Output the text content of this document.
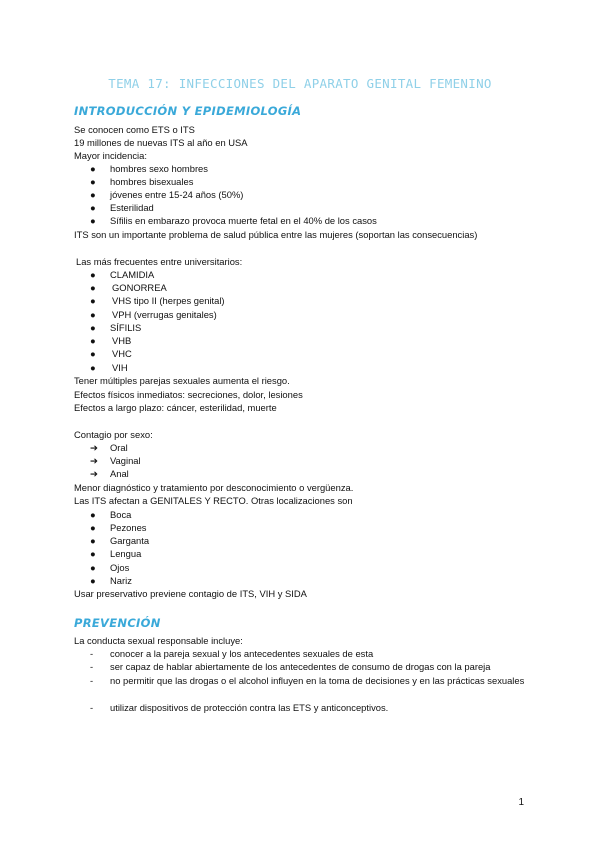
TEMA 17: INFECCIONES DEL APARATO GENITAL FEMENINO
INTRODUCCIÓN Y EPIDEMIOLOGÍA
Se conocen como ETS o ITS
19 millones de nuevas ITS al año en USA
Mayor incidencia:
● hombres sexo hombres
● hombres bisexuales
● jóvenes entre 15-24 años (50%)
● Esterilidad
● Sífilis en embarazo provoca muerte fetal en el 40% de los casos
ITS son un importante problema de salud pública entre las mujeres (soportan las consecuencias)
Las más frecuentes entre universitarios:
● CLAMIDIA
● GONORREA
● VHS tipo II (herpes genital)
● VPH (verrugas genitales)
● SÍFILIS
● VHB
● VHC
● VIH
Tener múltiples parejas sexuales aumenta el riesgo.
Efectos físicos inmediatos: secreciones, dolor, lesiones
Efectos a largo plazo: cáncer, esterilidad, muerte
Contagio por sexo:
➔ Oral
➔ Vaginal
➔ Anal
Menor diagnóstico y tratamiento por desconocimiento o vergüenza.
Las ITS afectan a GENITALES Y RECTO. Otras localizaciones son
● Boca
● Pezones
● Garganta
● Lengua
● Ojos
● Nariz
Usar preservativo previene contagio de ITS, VIH y SIDA
PREVENCIÓN
La conducta sexual responsable incluye:
- conocer a la pareja sexual y los antecedentes sexuales de esta
- ser capaz de hablar abiertamente de los antecedentes de consumo de drogas con la pareja
- no permitir que las drogas o el alcohol influyen en la toma de decisiones y en las prácticas sexuales
- utilizar dispositivos de protección contra las ETS y anticonceptivos.
1
